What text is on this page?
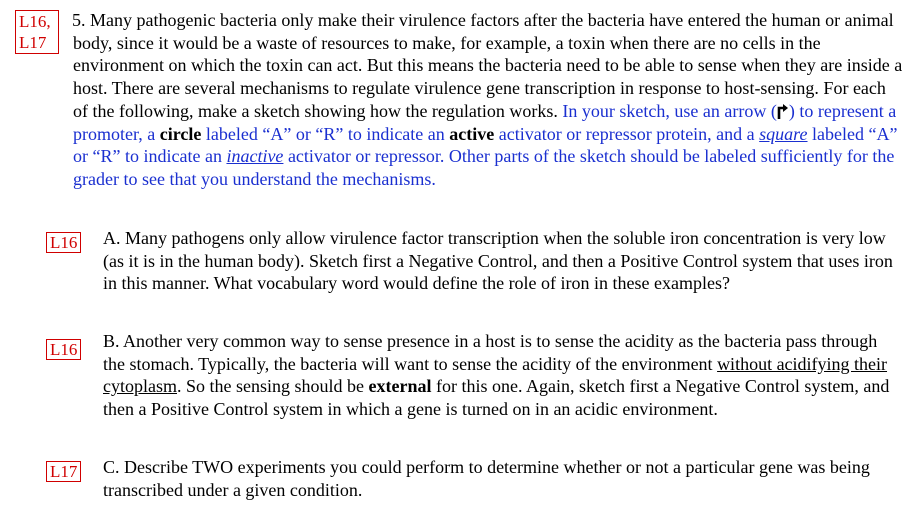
L16,
L17
L16
L16
L17
5. Many pathogenic bacteria only make their virulence factors after the bacteria have entered the human or animal body, since it would be a waste of resources to make, for example, a toxin when there are no cells in the environment on which the toxin can act. But this means the bacteria need to be able to sense when they are inside a host. There are several mechanisms to regulate virulence gene transcription in response to host-sensing. For each of the following, make a sketch showing how the regulation works. In your sketch, use an arrow ( ) to represent a promoter, a circle labeled “A” or “R” to indicate an active activator or repressor protein, and a square labeled “A” or “R” to indicate an inactive activator or repressor. Other parts of the sketch should be labeled sufficiently for the grader to see that you understand the mechanisms.
A. Many pathogens only allow virulence factor transcription when the soluble iron concentration is very low (as it is in the human body). Sketch first a Negative Control, and then a Positive Control system that uses iron in this manner. What vocabulary word would define the role of iron in these examples?
B. Another very common way to sense presence in a host is to sense the acidity as the bacteria pass through the stomach. Typically, the bacteria will want to sense the acidity of the environment without acidifying their cytoplasm. So the sensing should be external for this one. Again, sketch first a Negative Control system, and then a Positive Control system in which a gene is turned on in an acidic environment.
C. Describe TWO experiments you could perform to determine whether or not a particular gene was being transcribed under a given condition.
